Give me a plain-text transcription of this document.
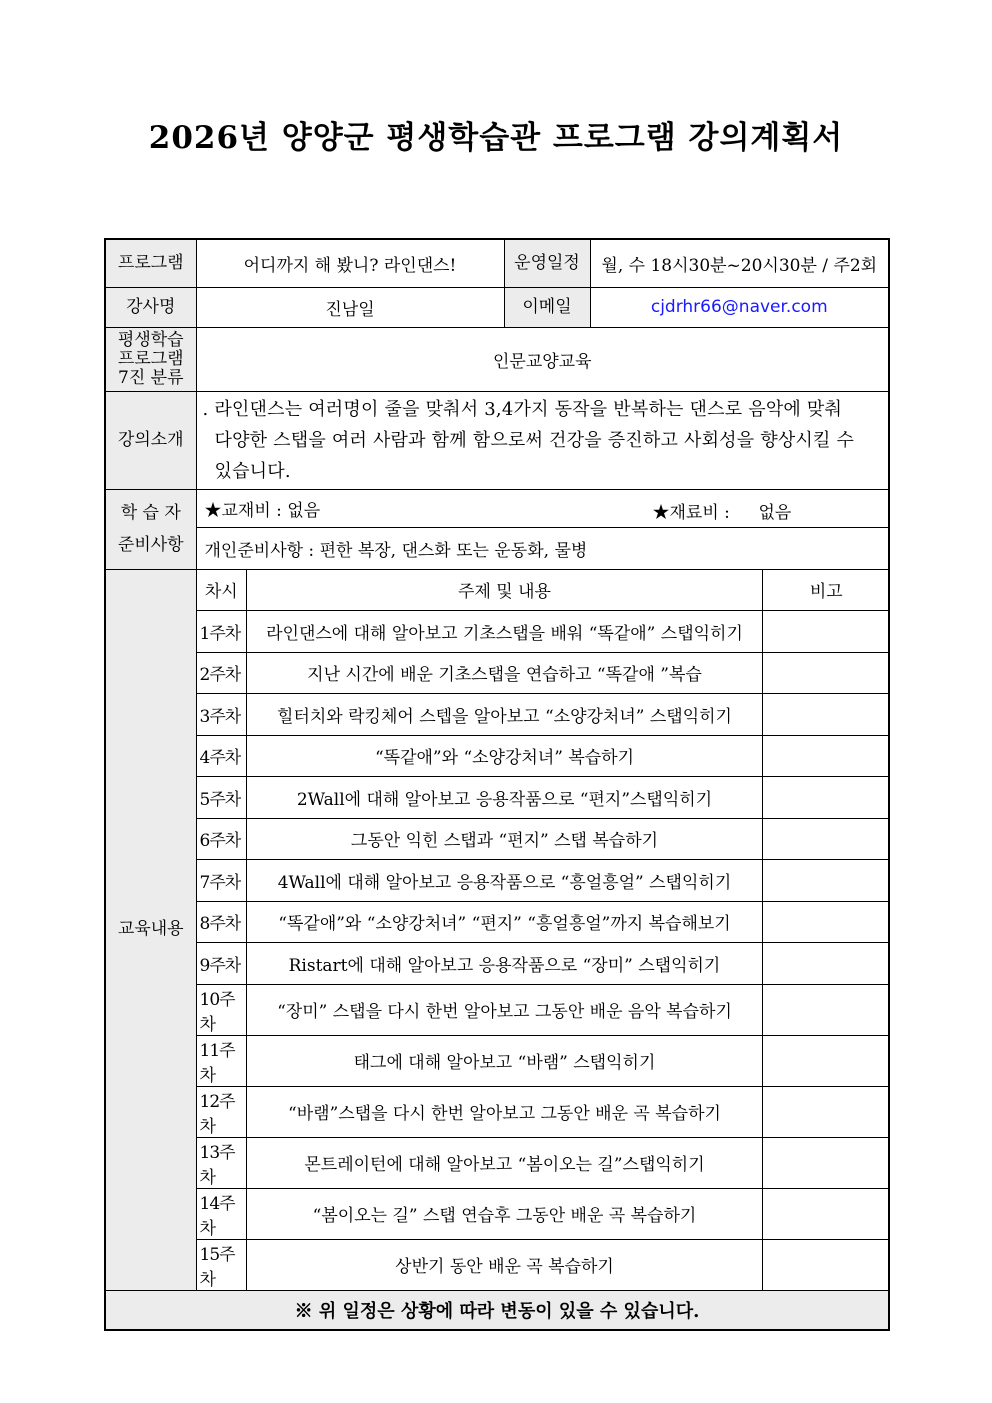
2026년 양양군 평생학습관 프로그램 강의계획서
프로그램	어디까지 해 봤니? 라인댄스!	운영일정	월, 수 18시30분~20시30분 / 주2회
강사명	진남일	이메일	cjdrhr66@naver.com

평생학습
프로그램
7진 분류
	인문교양교육
강의소개	
. 라인댄스는 여러명이 줄을 맞춰서 3,4가지 동작을 반복하는 댄스로 음악에 맞춰
다양한 스탭을 여러 사람과 함께 함으로써 건강을 증진하고 사회성을 향상시킬 수
있습니다.

학 습 자
준비사항
	★교재비 : 없음	★재료비 : 없음

개인준비사항 : 편한 복장, 댄스화 또는 운동화, 물병
교육내용	
차시	주제 및 내용	비고
1주차	라인댄스에 대해 알아보고 기초스탭을 배워 “똑같애” 스탭익히기	
2주차	지난 시간에 배운 기초스탭을 연습하고 “똑같애 ”복습	
3주차	힐터치와 락킹체어 스텝을 알아보고 “소양강처녀” 스탭익히기	
4주차	“똑같애”와 “소양강처녀” 복습하기	
5주차	2Wall에 대해 알아보고 응용작품으로 “편지”스탭익히기	
6주차	그동안 익힌 스탭과 “편지” 스탭 복습하기	
7주차	4Wall에 대해 알아보고 응용작품으로 “흥얼흥얼” 스탭익히기	
8주차	“똑같애”와 “소양강처녀” “편지” “흥얼흥얼”까지 복습해보기	
9주차	Ristart에 대해 알아보고 응용작품으로 “장미” 스탭익히기	
10주차	“장미” 스탭을 다시 한번 알아보고 그동안 배운 음악 복습하기	
11주차	태그에 대해 알아보고 “바램” 스탭익히기	
12주차	“바램”스탭을 다시 한번 알아보고 그동안 배운 곡 복습하기	
13주차	몬트레이턴에 대해 알아보고 “봄이오는 길”스탭익히기	
14주차	“봄이오는 길” 스탭 연습후 그동안 배운 곡 복습하기	
15주차	상반기 동안 배운 곡 복습하기	

※ 위 일정은 상황에 따라 변동이 있을 수 있습니다.
